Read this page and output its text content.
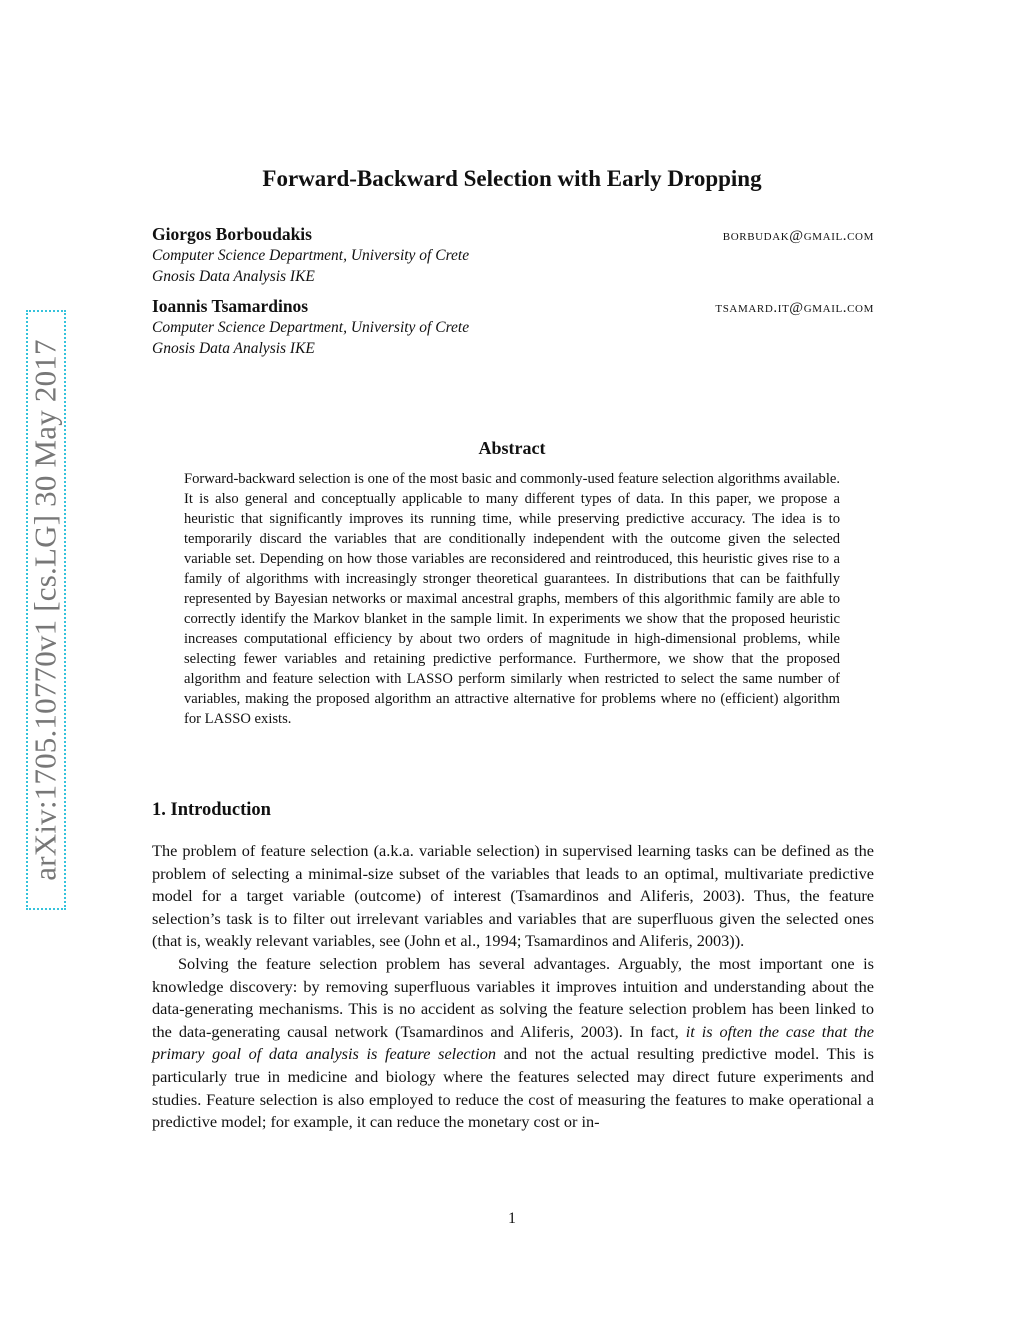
arXiv:1705.10770v1 [cs.LG] 30 May 2017
Forward-Backward Selection with Early Dropping
Giorgos Borboudakis	borbudak@gmail.com
Computer Science Department, University of Crete
Gnosis Data Analysis IKE
Ioannis Tsamardinos	tsamard.it@gmail.com
Computer Science Department, University of Crete
Gnosis Data Analysis IKE
Abstract
Forward-backward selection is one of the most basic and commonly-used feature selection algorithms available. It is also general and conceptually applicable to many different types of data. In this paper, we propose a heuristic that significantly improves its running time, while preserving predictive accuracy. The idea is to temporarily discard the variables that are conditionally independent with the outcome given the selected variable set. Depending on how those variables are reconsidered and reintroduced, this heuristic gives rise to a family of algorithms with increasingly stronger theoretical guarantees. In distributions that can be faithfully represented by Bayesian networks or maximal ancestral graphs, members of this algorithmic family are able to correctly identify the Markov blanket in the sample limit. In experiments we show that the proposed heuristic increases computational efficiency by about two orders of magnitude in high-dimensional problems, while selecting fewer variables and retaining predictive performance. Furthermore, we show that the proposed algorithm and feature selection with LASSO perform similarly when restricted to select the same number of variables, making the proposed algorithm an attractive alternative for problems where no (efficient) algorithm for LASSO exists.
1. Introduction

The problem of feature selection (a.k.a. variable selection) in supervised learning tasks can be defined as the problem of selecting a minimal-size subset of the variables that leads to an optimal, multivariate predictive model for a target variable (outcome) of interest (Tsamardinos and Aliferis, 2003). Thus, the feature selection’s task is to filter out irrelevant variables and variables that are superfluous given the selected ones (that is, weakly relevant variables, see (John et al., 1994; Tsamardinos and Aliferis, 2003)).

Solving the feature selection problem has several advantages. Arguably, the most important one is knowledge discovery: by removing superfluous variables it improves intuition and understanding about the data-generating mechanisms. This is no accident as solving the feature selection problem has been linked to the data-generating causal network (Tsamardinos and Aliferis, 2003). In fact, it is often the case that the primary goal of data analysis is feature selection and not the actual resulting predictive model. This is particularly true in medicine and biology where the features selected may direct future experiments and studies. Feature selection is also employed to reduce the cost of measuring the features to make operational a predictive model; for example, it can reduce the monetary cost or in-

1
